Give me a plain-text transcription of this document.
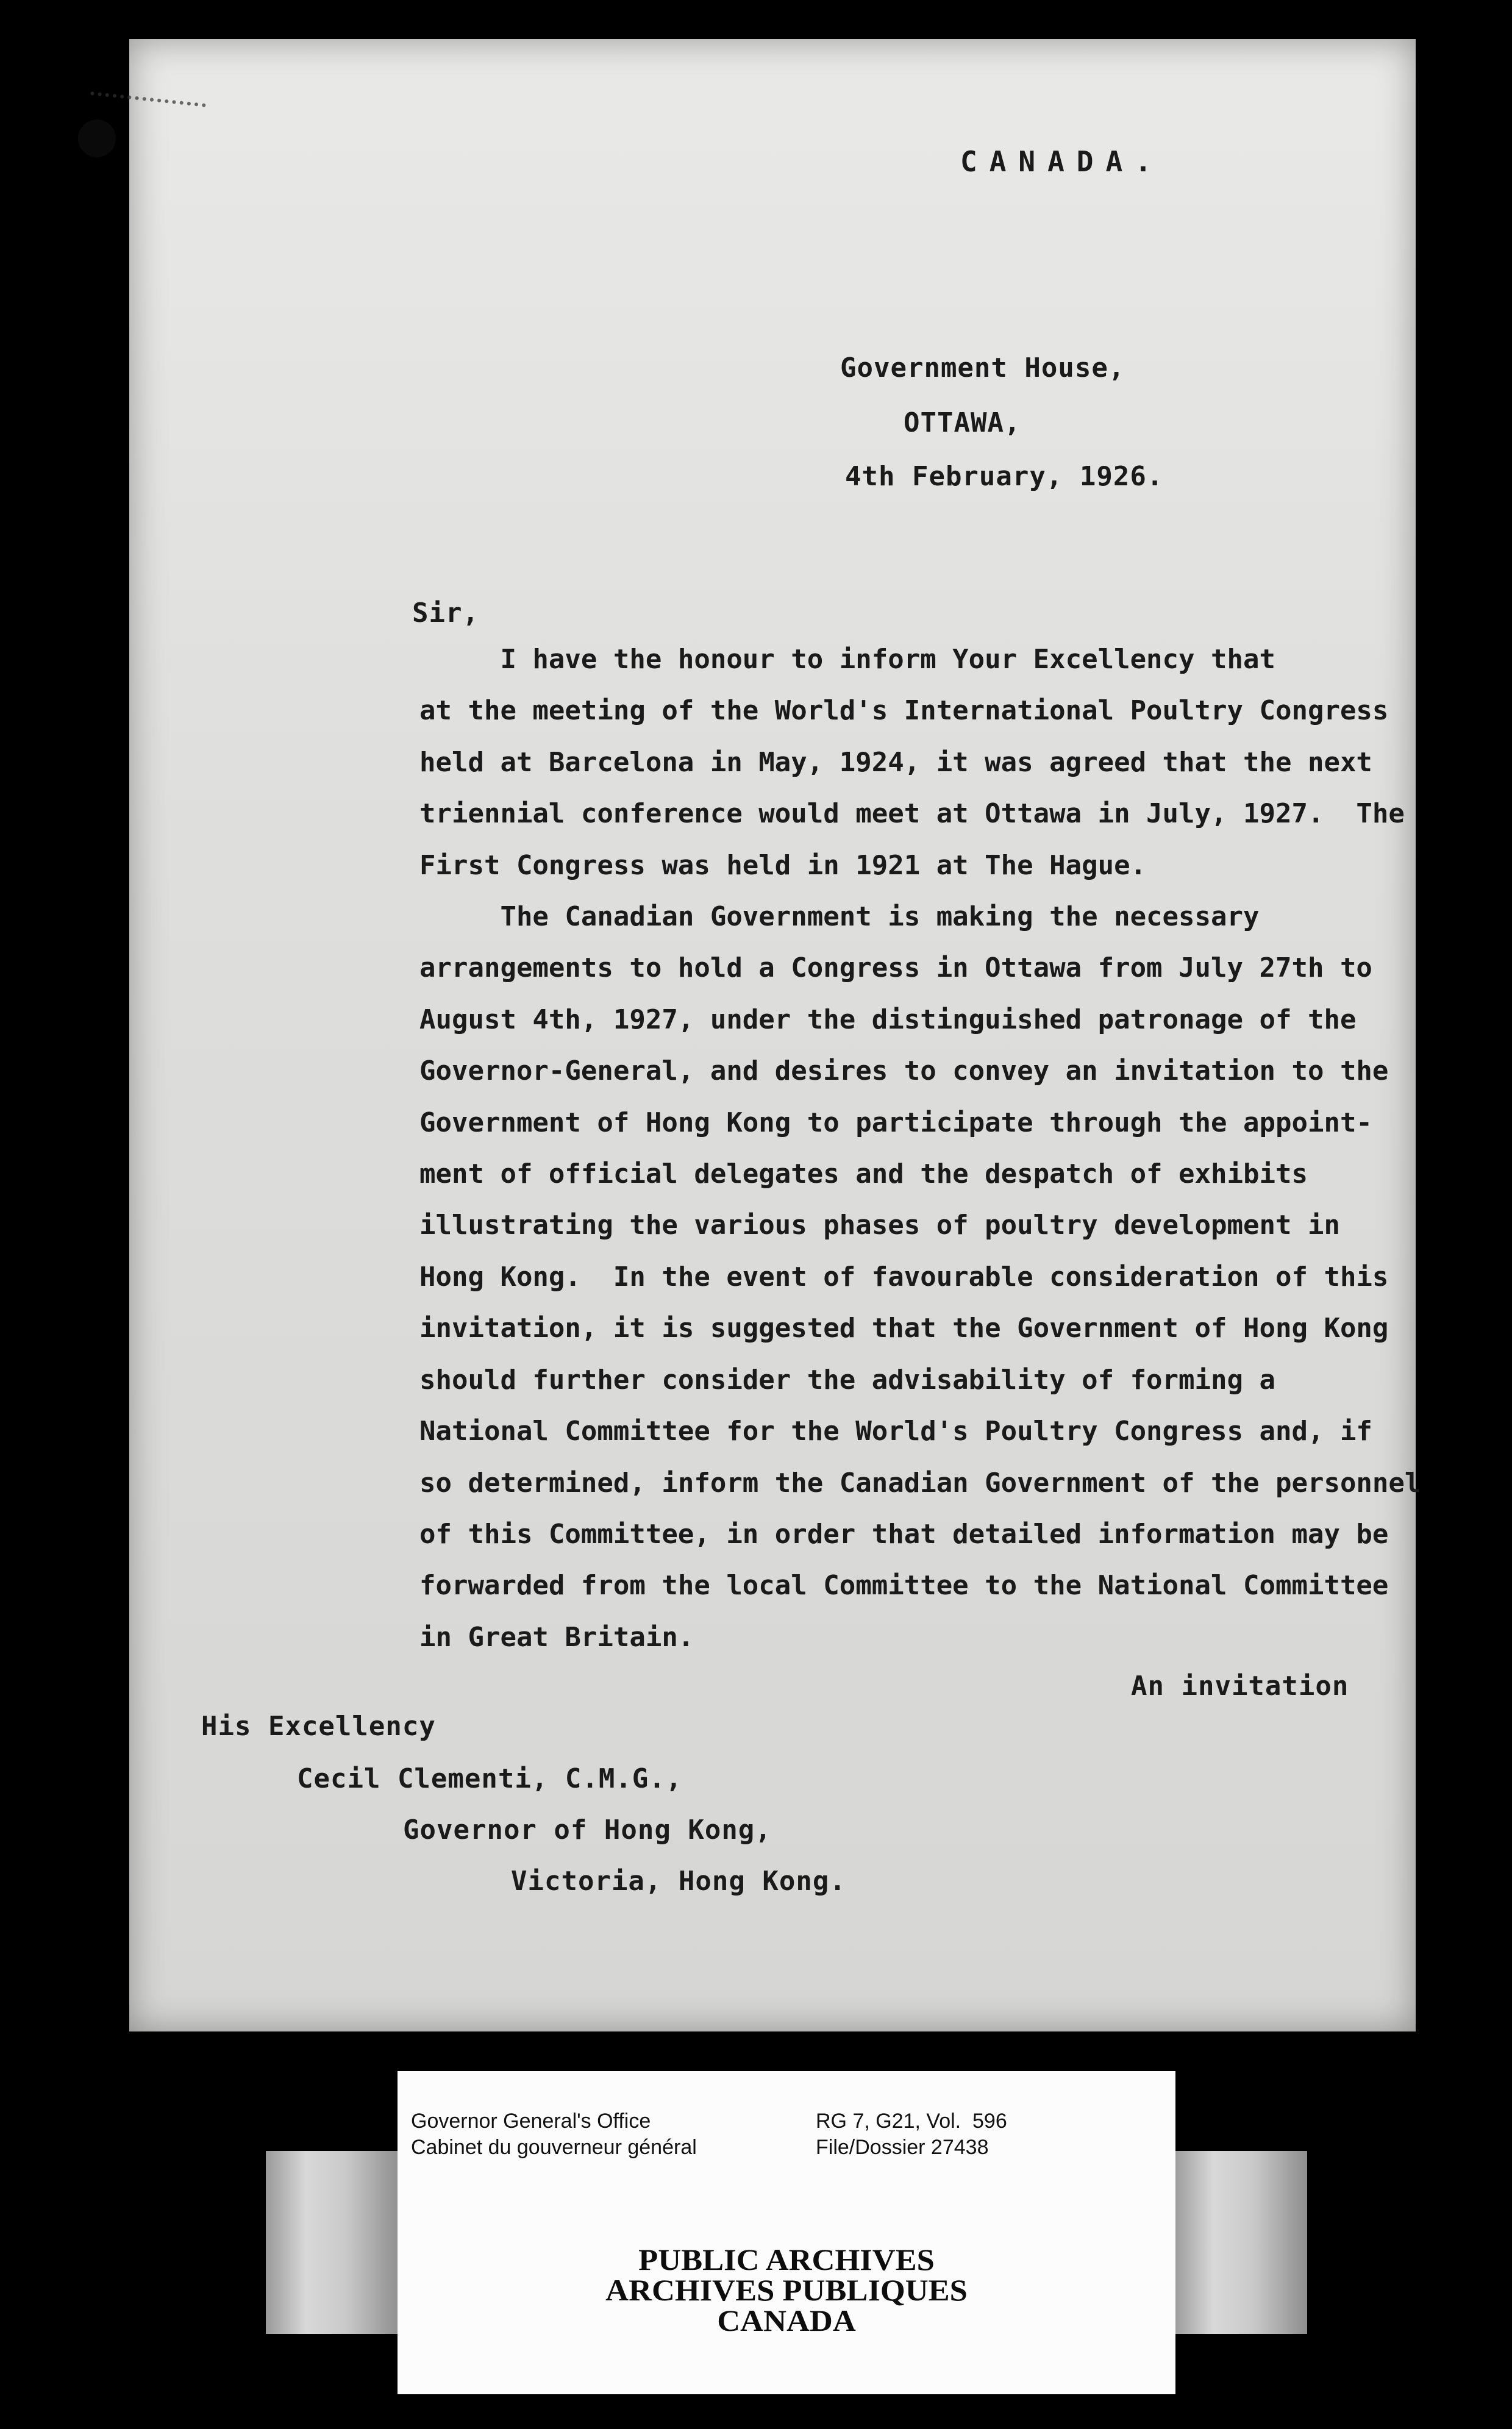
CANADA.
Government House,
OTTAWA,
4th February, 1926.
Sir,
I have the honour to inform Your Excellency that
at the meeting of the World's International Poultry Congress
held at Barcelona in May, 1924, it was agreed that the next
triennial conference would meet at Ottawa in July, 1927.  The
First Congress was held in 1921 at The Hague.
The Canadian Government is making the necessary
arrangements to hold a Congress in Ottawa from July 27th to
August 4th, 1927, under the distinguished patronage of the
Governor-General, and desires to convey an invitation to the
Government of Hong Kong to participate through the appoint-
ment of official delegates and the despatch of exhibits
illustrating the various phases of poultry development in
Hong Kong.  In the event of favourable consideration of this
invitation, it is suggested that the Government of Hong Kong
should further consider the advisability of forming a
National Committee for the World's Poultry Congress and, if
so determined, inform the Canadian Government of the personnel
of this Committee, in order that detailed information may be
forwarded from the local Committee to the National Committee
in Great Britain.
An invitation
His Excellency
Cecil Clementi, C.M.G.,
Governor of Hong Kong,
Victoria, Hong Kong.
Governor General's Office
Cabinet du gouverneur général
RG 7, G21, Vol.  596
File/Dossier 27438
PUBLIC ARCHIVES
ARCHIVES PUBLIQUES
CANADA
